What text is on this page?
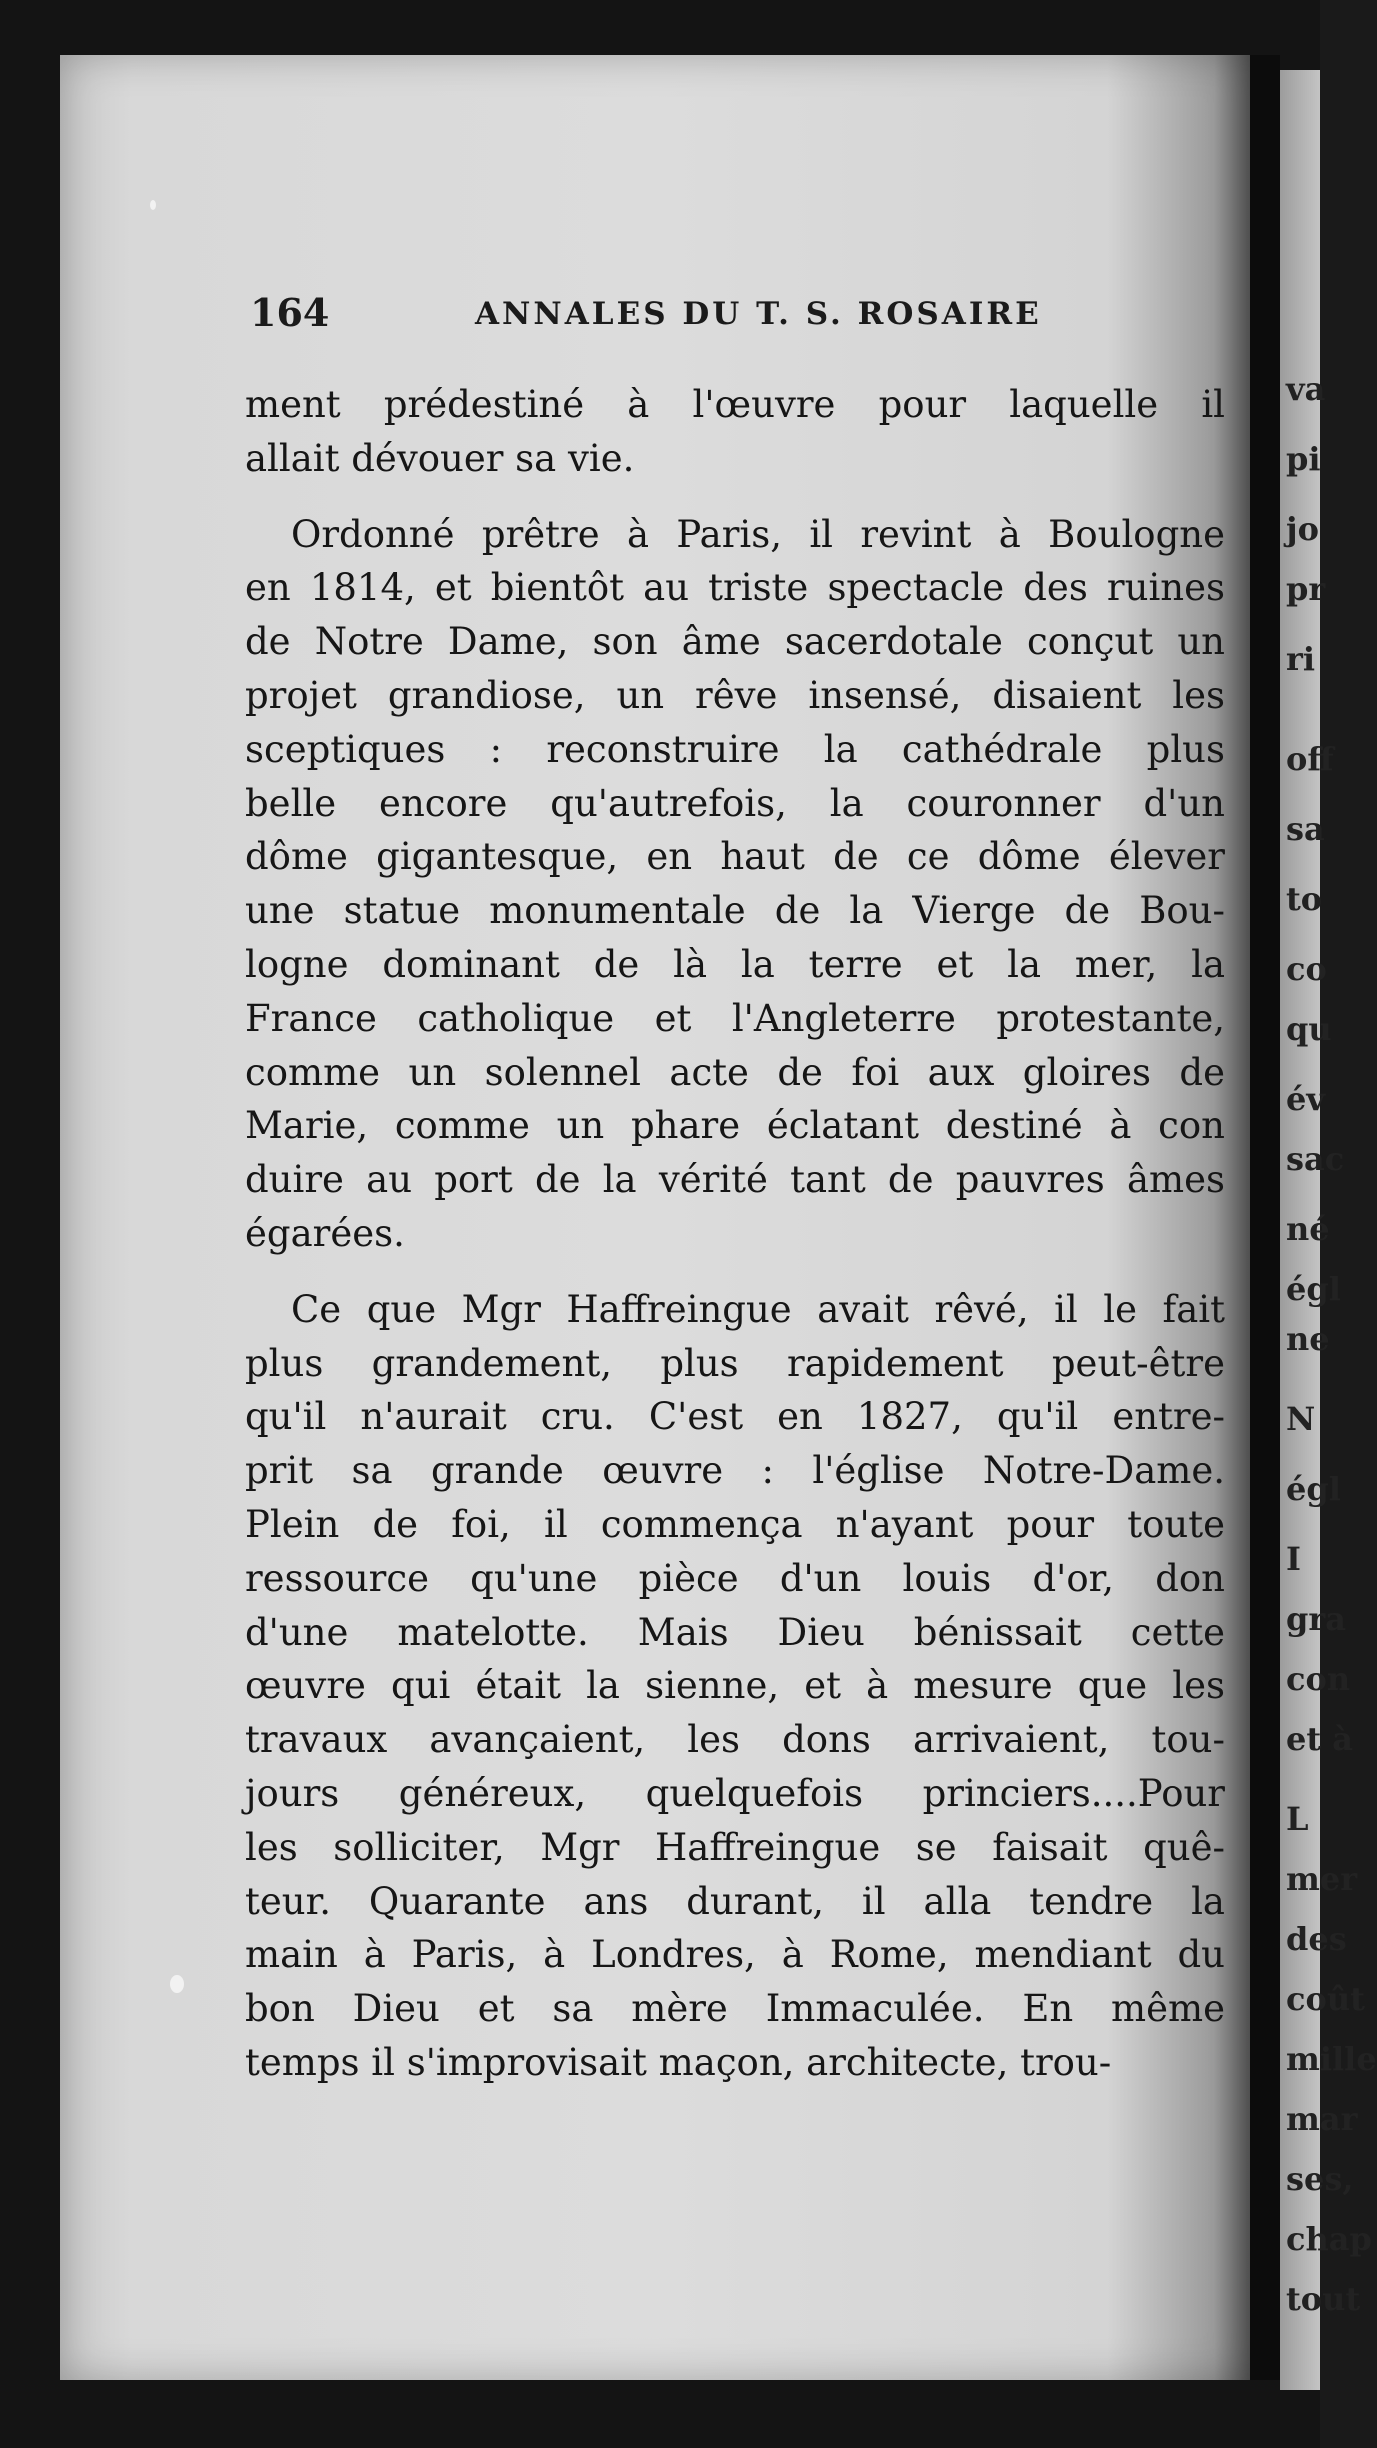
va
pi
jo
pr
ri
off
sa
to
co
qu
év
sac
né
égl
ne
N
égl
I
gra
con
et à
L
mer
des
coût
mille
mar
ses,
chap
tout
164	ANNALES DU T. S. ROSAIRE
ment prédestiné à l'œuvre pour laquelle il
allait dévouer sa vie.
Ordonné prêtre à Paris, il revint à Boulogne
en 1814, et bientôt au triste spectacle des ruines
de Notre Dame, son âme sacerdotale conçut un
projet grandiose, un rêve insensé, disaient les
sceptiques : reconstruire la cathédrale plus
belle encore qu'autrefois, la couronner d'un
dôme gigantesque, en haut de ce dôme élever
une statue monumentale de la Vierge de Bou-
logne dominant de là la terre et la mer, la
France catholique et l'Angleterre protestante,
comme un solennel acte de foi aux gloires de
Marie, comme un phare éclatant destiné à con
duire au port de la vérité tant de pauvres âmes
égarées.
Ce que Mgr Haffreingue avait rêvé, il le fait
plus grandement, plus rapidement peut-être
qu'il n'aurait cru. C'est en 1827, qu'il entre-
prit sa grande œuvre : l'église Notre-Dame.
Plein de foi, il commença n'ayant pour toute
ressource qu'une pièce d'un louis d'or, don
d'une matelotte. Mais Dieu bénissait cette
œuvre qui était la sienne, et à mesure que les
travaux avançaient, les dons arrivaient, tou-
jours généreux, quelquefois princiers....Pour
les solliciter, Mgr Haffreingue se faisait quê-
teur. Quarante ans durant, il alla tendre la
main à Paris, à Londres, à Rome, mendiant du
bon Dieu et sa mère Immaculée. En même
temps il s'improvisait maçon, architecte, trou-
